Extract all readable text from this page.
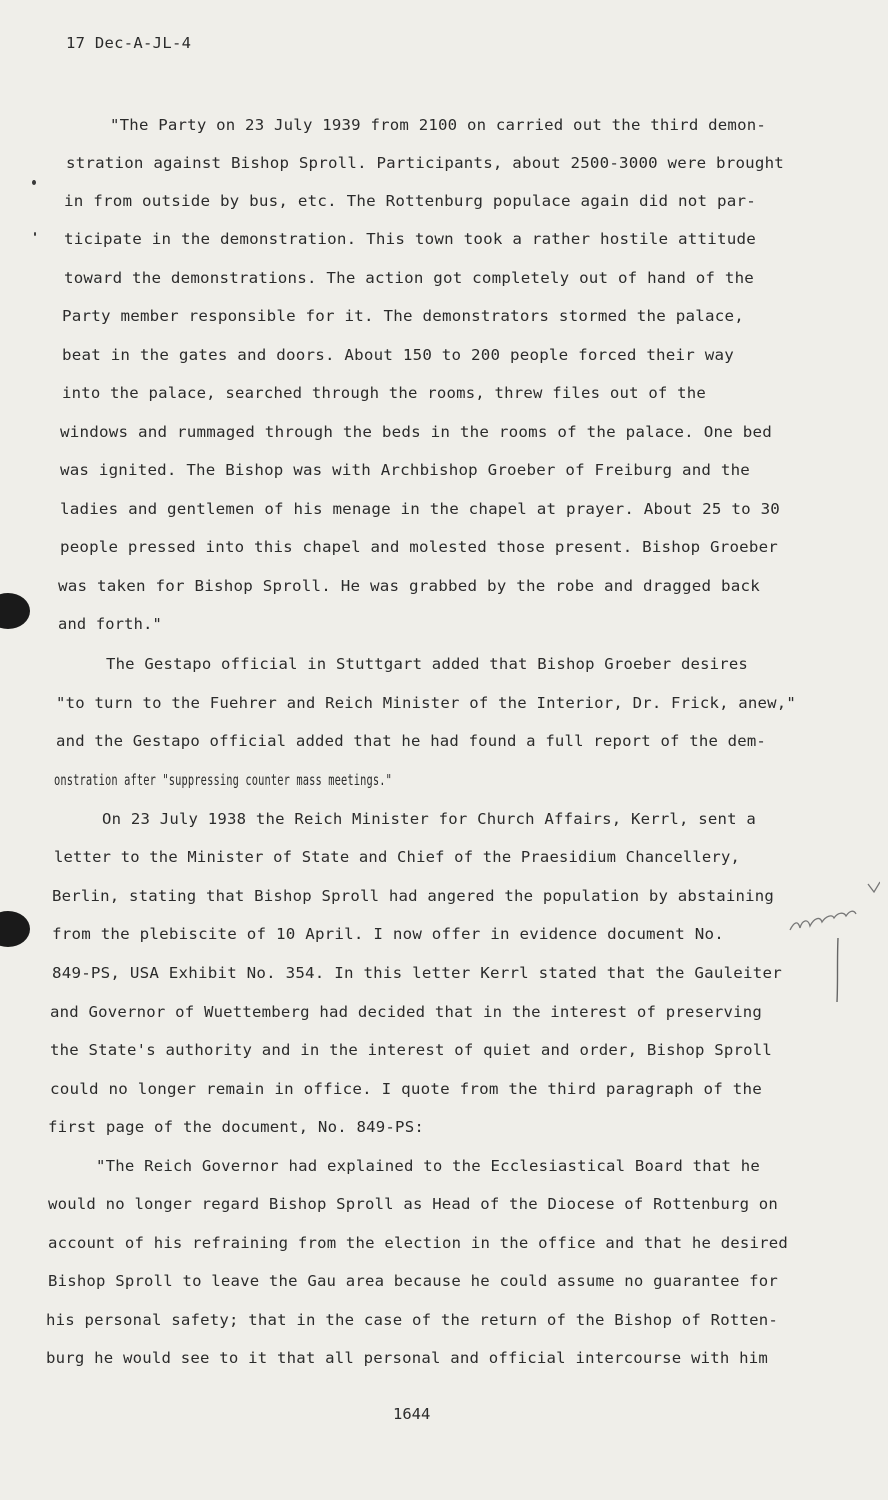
17 Dec-A-JL-4
"The Party on 23 July 1939 from 2100 on carried out the third demon-
stration against Bishop Sproll. Participants, about 2500-3000 were brought
in from outside by bus, etc. The Rottenburg populace again did not par-
ticipate in the demonstration. This town took a rather hostile attitude
toward the demonstrations. The action got completely out of hand of the
Party member responsible for it. The demonstrators stormed the palace,
beat in the gates and doors. About 150 to 200 people forced their way
into the palace, searched through the rooms, threw files out of the
windows and rummaged through the beds in the rooms of the palace. One bed
was ignited. The Bishop was with Archbishop Groeber of Freiburg and the
ladies and gentlemen of his menage in the chapel at prayer. About 25 to 30
people pressed into this chapel and molested those present. Bishop Groeber
was taken for Bishop Sproll. He was grabbed by the robe and dragged back
and forth."
The Gestapo official in Stuttgart added that Bishop Groeber desires
"to turn to the Fuehrer and Reich Minister of the Interior, Dr. Frick, anew,"
and the Gestapo official added that he had found a full report of the dem-
onstration after "suppressing counter mass meetings."
On 23 July 1938 the Reich Minister for Church Affairs, Kerrl, sent a
letter to the Minister of State and Chief of the Praesidium Chancellery,
Berlin, stating that Bishop Sproll had angered the population by abstaining
from the plebiscite of 10 April. I now offer in evidence document No.
849-PS, USA Exhibit No. 354. In this letter Kerrl stated that the Gauleiter
and Governor of Wuettemberg had decided that in the interest of preserving
the State's authority and in the interest of quiet and order, Bishop Sproll
could no longer remain in office. I quote from the third paragraph of the
first page of the document, No. 849-PS:
"The Reich Governor had explained to the Ecclesiastical Board that he
would no longer regard Bishop Sproll as Head of the Diocese of Rottenburg on
account of his refraining from the election in the office and that he desired
Bishop Sproll to leave the Gau area because he could assume no guarantee for
his personal safety; that in the case of the return of the Bishop of Rotten-
burg he would see to it that all personal and official intercourse with him
1644
